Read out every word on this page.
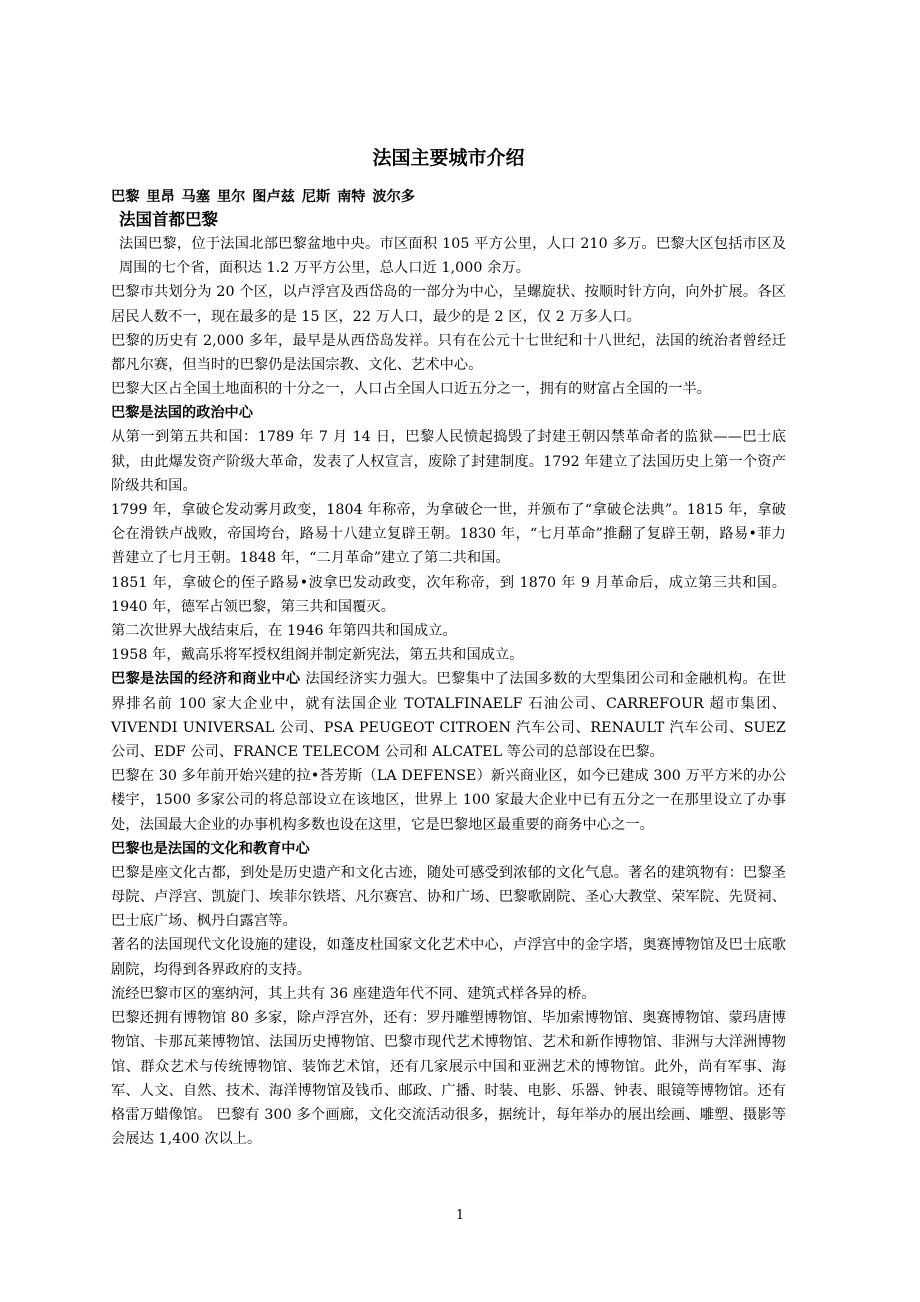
法国主要城市介绍

巴黎 里昂 马塞 里尔 图卢兹 尼斯 南特 波尔多

法国首都巴黎

法国巴黎，位于法国北部巴黎盆地中央。市区面积 105 平方公里，人口 210 多万。巴黎大区包括市区及周围的七个省，面积达 1.2 万平方公里，总人口近 1,000 余万。

巴黎市共划分为 20 个区，以卢浮宫及西岱岛的一部分为中心，呈螺旋状、按顺时针方向，向外扩展。各区居民人数不一，现在最多的是 15 区，22 万人口，最少的是 2 区，仅 2 万多人口。

巴黎的历史有 2,000 多年，最早是从西岱岛发祥。只有在公元十七世纪和十八世纪，法国的统治者曾经迁都凡尔赛，但当时的巴黎仍是法国宗教、文化、艺术中心。

巴黎大区占全国土地面积的十分之一，人口占全国人口近五分之一，拥有的财富占全国的一半。

巴黎是法国的政治中心

从第一到第五共和国：1789 年 7 月 14 日，巴黎人民愤起捣毁了封建王朝囚禁革命者的监狱——巴士底狱，由此爆发资产阶级大革命，发表了人权宣言，废除了封建制度。1792 年建立了法国历史上第一个资产阶级共和国。

1799 年，拿破仑发动雾月政变，1804 年称帝，为拿破仑一世，并颁布了“拿破仑法典”。1815 年，拿破仑在滑铁卢战败，帝国垮台，路易十八建立复辟王朝。1830 年，“七月革命”推翻了复辟王朝，路易•菲力普建立了七月王朝。1848 年，“二月革命”建立了第二共和国。

1851 年，拿破仑的侄子路易•波拿巴发动政变，次年称帝，到 1870 年 9 月革命后，成立第三共和国。1940 年，德军占领巴黎，第三共和国覆灭。

第二次世界大战结束后，在 1946 年第四共和国成立。

1958 年，戴高乐将军授权组阁并制定新宪法，第五共和国成立。

巴黎是法国的经济和商业中心 法国经济实力强大。巴黎集中了法国多数的大型集团公司和金融机构。在世界排名前 100 家大企业中，就有法国企业 TOTALFINAELF 石油公司、CARREFOUR 超市集团、VIVENDI UNIVERSAL 公司、PSA PEUGEOT CITROEN 汽车公司、RENAULT 汽车公司、SUEZ 公司、EDF 公司、FRANCE TELECOM 公司和 ALCATEL 等公司的总部设在巴黎。

巴黎在 30 多年前开始兴建的拉•荅芳斯（LA DEFENSE）新兴商业区，如今已建成 300 万平方米的办公楼宇，1500 多家公司的将总部设立在该地区，世界上 100 家最大企业中已有五分之一在那里设立了办事处，法国最大企业的办事机构多数也设在这里，它是巴黎地区最重要的商务中心之一。

巴黎也是法国的文化和教育中心

巴黎是座文化古都，到处是历史遗产和文化古迹，随处可感受到浓郁的文化气息。著名的建筑物有：巴黎圣母院、卢浮宫、凯旋门、埃菲尔铁塔、凡尔赛宫、协和广场、巴黎歌剧院、圣心大教堂、荣军院、先贤祠、巴士底广场、枫丹白露宫等。

著名的法国现代文化设施的建设，如蓬皮杜国家文化艺术中心，卢浮宫中的金字塔，奥赛博物馆及巴士底歌剧院，均得到各界政府的支持。

流经巴黎市区的塞纳河，其上共有 36 座建造年代不同、建筑式样各异的桥。

巴黎还拥有博物馆 80 多家，除卢浮宫外，还有：罗丹雕塑博物馆、毕加索博物馆、奥赛博物馆、蒙玛唐博物馆、卡那瓦莱博物馆、法国历史博物馆、巴黎市现代艺术博物馆、艺术和新作博物馆、非洲与大洋洲博物馆、群众艺术与传统博物馆、装饰艺术馆，还有几家展示中国和亚洲艺术的博物馆。此外，尚有军事、海军、人文、自然、技术、海洋博物馆及钱币、邮政、广播、时装、电影、乐器、钟表、眼镜等博物馆。还有格雷万蜡像馆。 巴黎有 300 多个画廊，文化交流活动很多，据统计，每年举办的展出绘画、雕塑、摄影等会展达 1,400 次以上。

1
